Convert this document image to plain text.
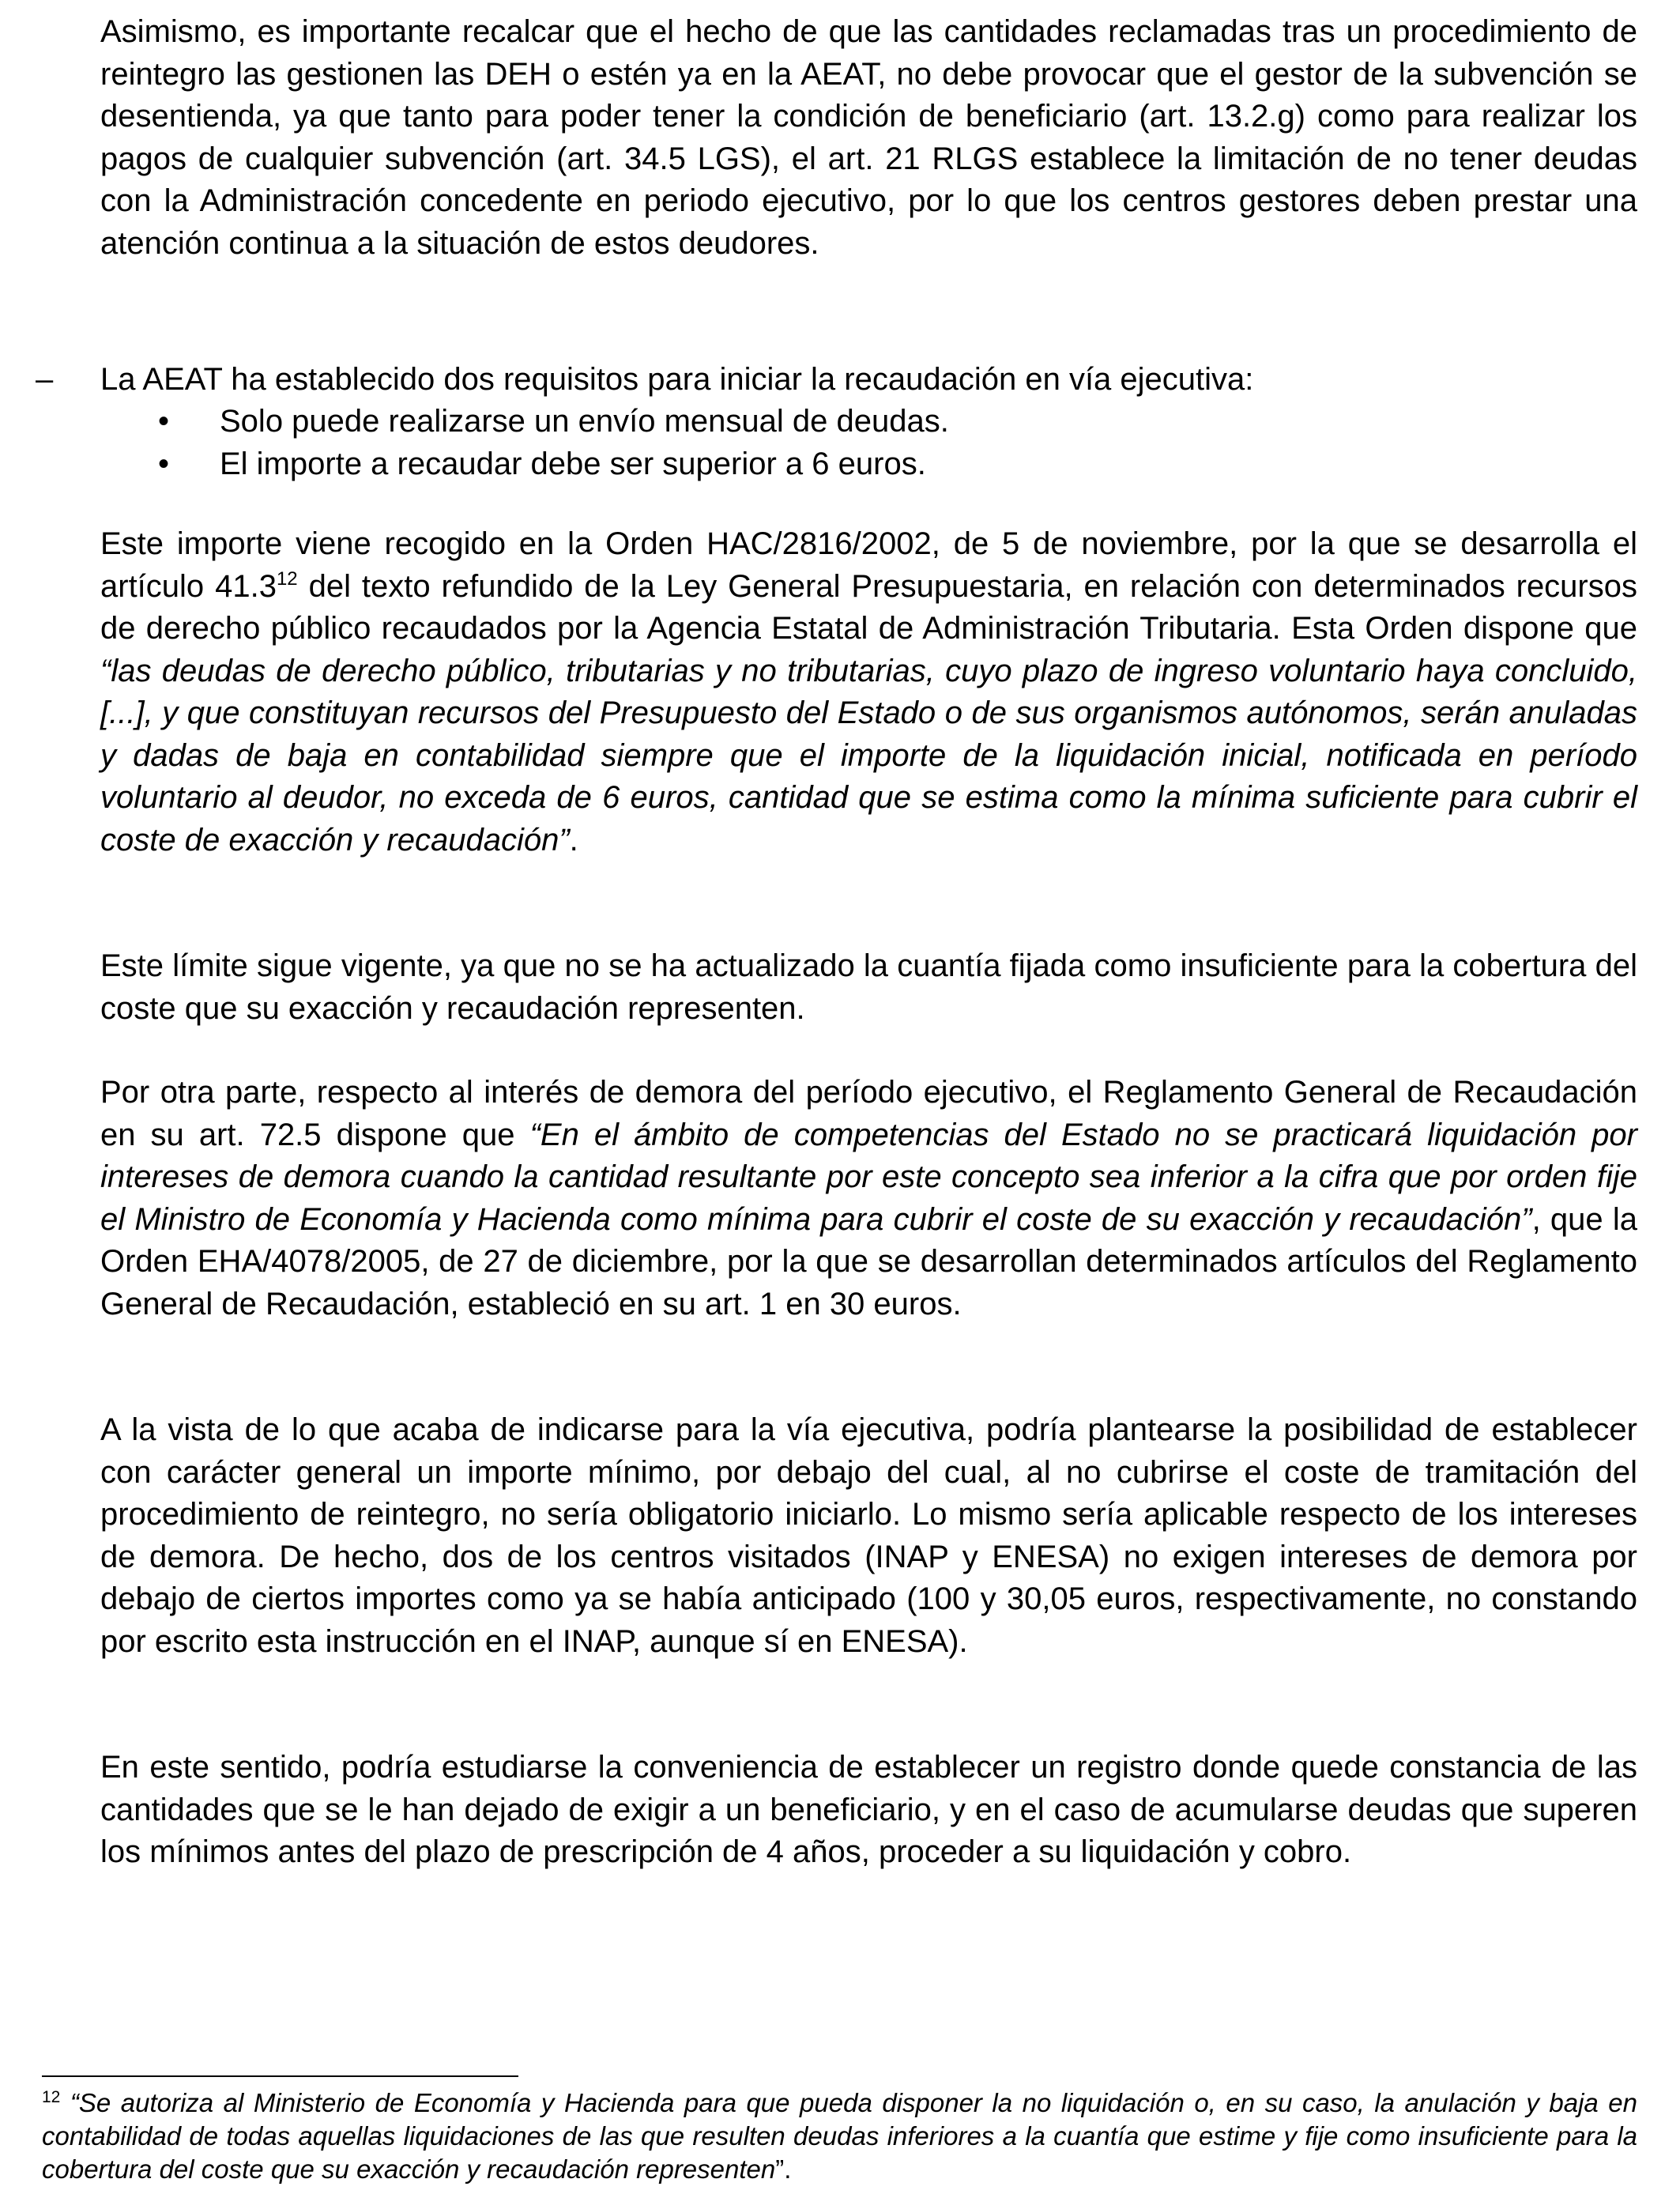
Asimismo, es importante recalcar que el hecho de que las cantidades reclamadas tras un procedimiento de reintegro las gestionen las DEH o estén ya en la AEAT, no debe provocar que el gestor de la subvención se desentienda, ya que tanto para poder tener la condición de beneficiario (art. 13.2.g) como para realizar los pagos de cualquier subvención (art. 34.5 LGS), el art. 21 RLGS establece la limitación de no tener deudas con la Administración concedente en periodo ejecutivo, por lo que los centros gestores deben prestar una atención continua a la situación de estos deudores.

– La AEAT ha establecido dos requisitos para iniciar la recaudación en vía ejecutiva:

• Solo puede realizarse un envío mensual de deudas.
• El importe a recaudar debe ser superior a 6 euros.

Este importe viene recogido en la Orden HAC/2816/2002, de 5 de noviembre, por la que se desarrolla el artículo 41.3$^{12}$ del texto refundido de la Ley General Presupuestaria, en relación con determinados recursos de derecho público recaudados por la Agencia Estatal de Administración Tributaria. Esta Orden dispone que “las deudas de derecho público, tributarias y no tributarias, cuyo plazo de ingreso voluntario haya concluido, [...], y que constituyan recursos del Presupuesto del Estado o de sus organismos autónomos, serán anuladas y dadas de baja en contabilidad siempre que el importe de la liquidación inicial, notificada en período voluntario al deudor, no exceda de 6 euros, cantidad que se estima como la mínima suficiente para cubrir el coste de exacción y recaudación”.

Este límite sigue vigente, ya que no se ha actualizado la cuantía fijada como insuficiente para la cobertura del coste que su exacción y recaudación representen.

Por otra parte, respecto al interés de demora del período ejecutivo, el Reglamento General de Recaudación en su art. 72.5 dispone que “En el ámbito de competencias del Estado no se practicará liquidación por intereses de demora cuando la cantidad resultante por este concepto sea inferior a la cifra que por orden fije el Ministro de Economía y Hacienda como mínima para cubrir el coste de su exacción y recaudación”, que la Orden EHA/4078/2005, de 27 de diciembre, por la que se desarrollan determinados artículos del Reglamento General de Recaudación, estableció en su art. 1 en 30 euros.

A la vista de lo que acaba de indicarse para la vía ejecutiva, podría plantearse la posibilidad de establecer con carácter general un importe mínimo, por debajo del cual, al no cubrirse el coste de tramitación del procedimiento de reintegro, no sería obligatorio iniciarlo. Lo mismo sería aplicable respecto de los intereses de demora. De hecho, dos de los centros visitados (INAP y ENESA) no exigen intereses de demora por debajo de ciertos importes como ya se había anticipado (100 y 30,05 euros, respectivamente, no constando por escrito esta instrucción en el INAP, aunque sí en ENESA).

En este sentido, podría estudiarse la conveniencia de establecer un registro donde quede constancia de las cantidades que se le han dejado de exigir a un beneficiario, y en el caso de acumularse deudas que superen los mínimos antes del plazo de prescripción de 4 años, proceder a su liquidación y cobro.

$^{12}$ “Se autoriza al Ministerio de Economía y Hacienda para que pueda disponer la no liquidación o, en su caso, la anulación y baja en contabilidad de todas aquellas liquidaciones de las que resulten deudas inferiores a la cuantía que estime y fije como insuficiente para la cobertura del coste que su exacción y recaudación representen”.
